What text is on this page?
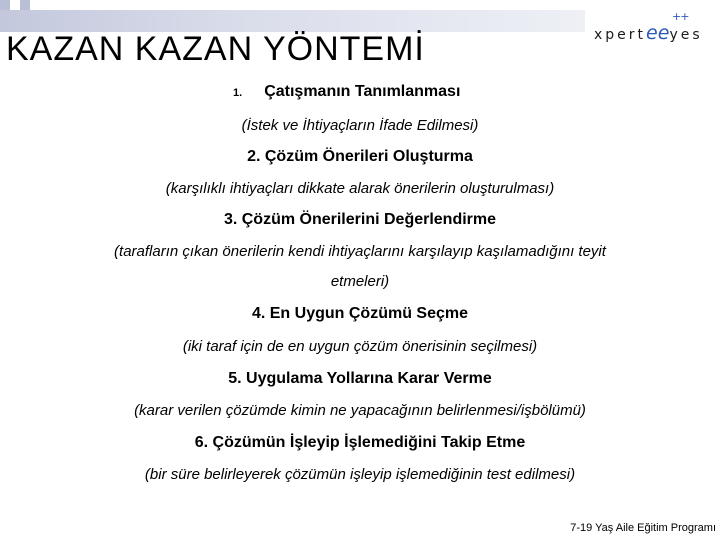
++
xperteeyes
KAZAN KAZAN YÖNTEMİ
1. Çatışmanın Tanımlanması
(İstek ve İhtiyaçların İfade Edilmesi)
2. Çözüm Önerileri Oluşturma
(karşılıklı ihtiyaçları dikkate alarak önerilerin oluşturulması)
3. Çözüm Önerilerini Değerlendirme
(tarafların çıkan önerilerin kendi ihtiyaçlarını karşılayıp kaşılamadığını teyit
etmeleri)
4. En Uygun Çözümü Seçme
(iki taraf için de en uygun çözüm önerisinin seçilmesi)
5. Uygulama Yollarına Karar Verme
(karar verilen çözümde kimin ne yapacağının belirlenmesi/işbölümü)
6. Çözümün İşleyip İşlemediğini Takip Etme
(bir süre belirleyerek çözümün işleyip işlemediğinin test edilmesi)
7-19 Yaş Aile Eğitim Programı
